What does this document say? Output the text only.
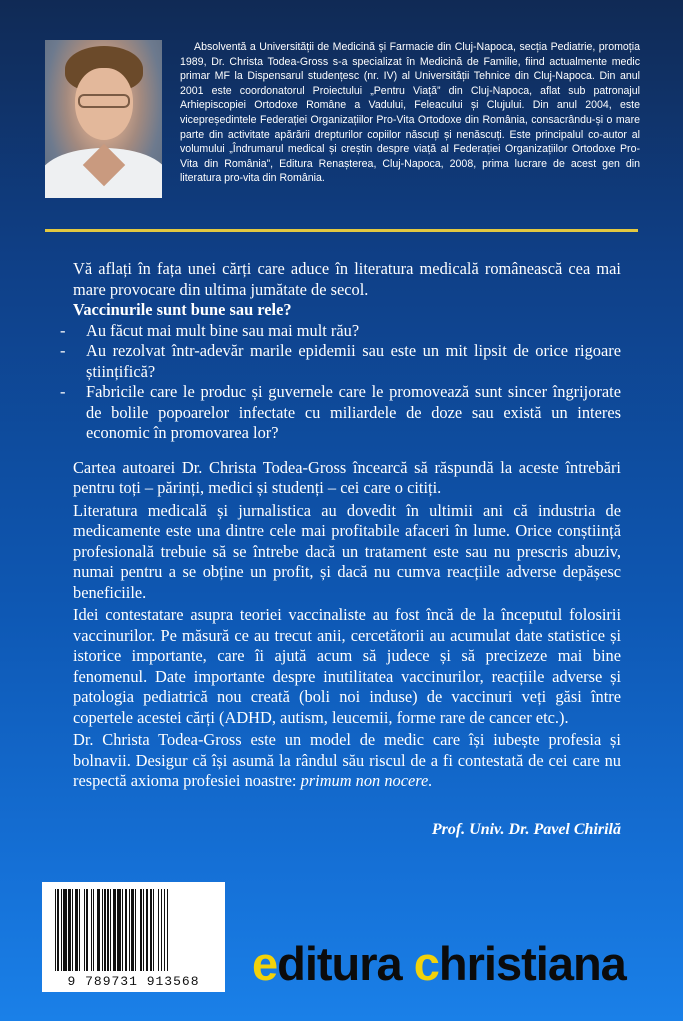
Absolventă a Universității de Medicină și Farmacie din Cluj-Napoca, secția Pediatrie, promoția 1989, Dr. Christa Todea-Gross s-a specializat în Medicină de Familie, fiind actualmente medic primar MF la Dispensarul studențesc (nr. IV) al Universității Tehnice din Cluj-Napoca. Din anul 2001 este coordonatorul Proiectului „Pentru Viață” din Cluj-Napoca, aflat sub patronajul Arhiepiscopiei Ortodoxe Române a Vadului, Feleacului și Clujului. Din anul 2004, este vicepreședintele Federației Organizațiilor Pro-Vita Ortodoxe din România, consacrându-și o mare parte din activitate apărării drepturilor copiilor născuți și nenăscuți. Este principalul co-autor al volumului „Îndrumarul medical și creștin despre viață al Federației Organizațiilor Ortodoxe Pro-Vita din România”, Editura Renașterea, Cluj-Napoca, 2008, prima lucrare de acest gen din literatura pro-vita din România.

Vă aflați în fața unei cărți care aduce în literatura medicală românească cea mai mare provocare din ultima jumătate de secol.

Vaccinurile sunt bune sau rele?

- Au făcut mai mult bine sau mai mult rău?
- Au rezolvat într-adevăr marile epidemii sau este un mit lipsit de orice rigoare științifică?
- Fabricile care le produc și guvernele care le promovează sunt sincer îngrijorate de bolile popoarelor infectate cu miliardele de doze sau există un interes economic în promovarea lor?

Cartea autoarei Dr. Christa Todea-Gross încearcă să răspundă la aceste întrebări pentru toți – părinți, medici și studenți – cei care o citiți.

Literatura medicală și jurnalistica au dovedit în ultimii ani că industria de medicamente este una dintre cele mai profitabile afaceri în lume. Orice conștiință profesională trebuie să se întrebe dacă un tratament este sau nu prescris abuziv, numai pentru a se obține un profit, și dacă nu cumva reacțiile adverse depășesc beneficiile.

Idei contestatare asupra teoriei vaccinaliste au fost încă de la începutul folosirii vaccinurilor. Pe măsură ce au trecut anii, cercetătorii au acumulat date statistice și istorice importante, care îi ajută acum să judece și să precizeze mai bine fenomenul. Date importante despre inutilitatea vaccinurilor, reacțiile adverse și patologia pediatrică nou creată (boli noi induse) de vaccinuri veți găsi între copertele acestei cărți (ADHD, autism, leucemii, forme rare de cancer etc.).

Dr. Christa Todea-Gross este un model de medic care își iubește profesia și bolnavii. Desigur că își asumă la rândul său riscul de a fi contestată de cei care nu respectă axioma profesiei noastre: primum non nocere.

Prof. Univ. Dr. Pavel Chirilă
9 789731 913568	editura christiana
